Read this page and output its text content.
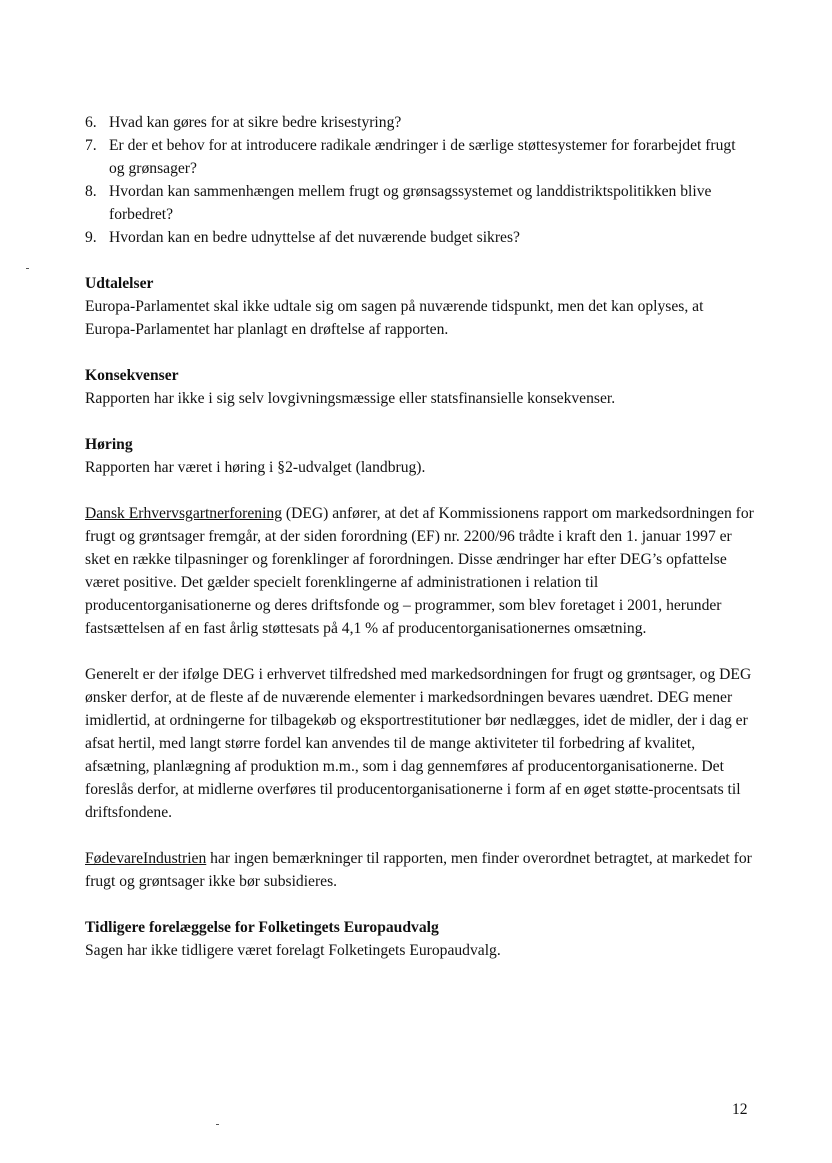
6. Hvad kan gøres for at sikre bedre krisestyring?
7. Er der et behov for at introducere radikale ændringer i de særlige støttesystemer for forarbejdet frugt og grønsager?
8. Hvordan kan sammenhængen mellem frugt og grønsagssystemet og landdistriktspolitikken blive forbedret?
9. Hvordan kan en bedre udnyttelse af det nuværende budget sikres?
Udtalelser

Europa-Parlamentet skal ikke udtale sig om sagen på nuværende tidspunkt, men det kan oplyses, at Europa-Parlamentet har planlagt en drøftelse af rapporten.

Konsekvenser

Rapporten har ikke i sig selv lovgivningsmæssige eller statsfinansielle konsekvenser.

Høring

Rapporten har været i høring i §2-udvalget (landbrug).

Dansk Erhvervsgartnerforening (DEG) anfører, at det af Kommissionens rapport om markedsordningen for frugt og grøntsager fremgår, at der siden forordning (EF) nr. 2200/96 trådte i kraft den 1. januar 1997 er sket en række tilpasninger og forenklinger af forordningen. Disse ændringer har efter DEG’s opfattelse været positive. Det gælder specielt forenklingerne af administrationen i relation til producentorganisationerne og deres driftsfonde og – programmer, som blev foretaget i 2001, herunder fastsættelsen af en fast årlig støttesats på 4,1 % af producentorganisationernes omsætning.

Generelt er der ifølge DEG i erhvervet tilfredshed med markedsordningen for frugt og grøntsager, og DEG ønsker derfor, at de fleste af de nuværende elementer i markedsordningen bevares uændret. DEG mener imidlertid, at ordningerne for tilbagekøb og eksportrestitutioner bør nedlægges, idet de midler, der i dag er afsat hertil, med langt større fordel kan anvendes til de mange aktiviteter til forbedring af kvalitet, afsætning, planlægning af produktion m.m., som i dag gennemføres af producentorganisationerne. Det foreslås derfor, at midlerne overføres til producentorganisationerne i form af en øget støtte-procentsats til driftsfondene.

FødevareIndustrien har ingen bemærkninger til rapporten, men finder overordnet betragtet, at markedet for frugt og grøntsager ikke bør subsidieres.

Tidligere forelæggelse for Folketingets Europaudvalg

Sagen har ikke tidligere været forelagt Folketingets Europaudvalg.

12
